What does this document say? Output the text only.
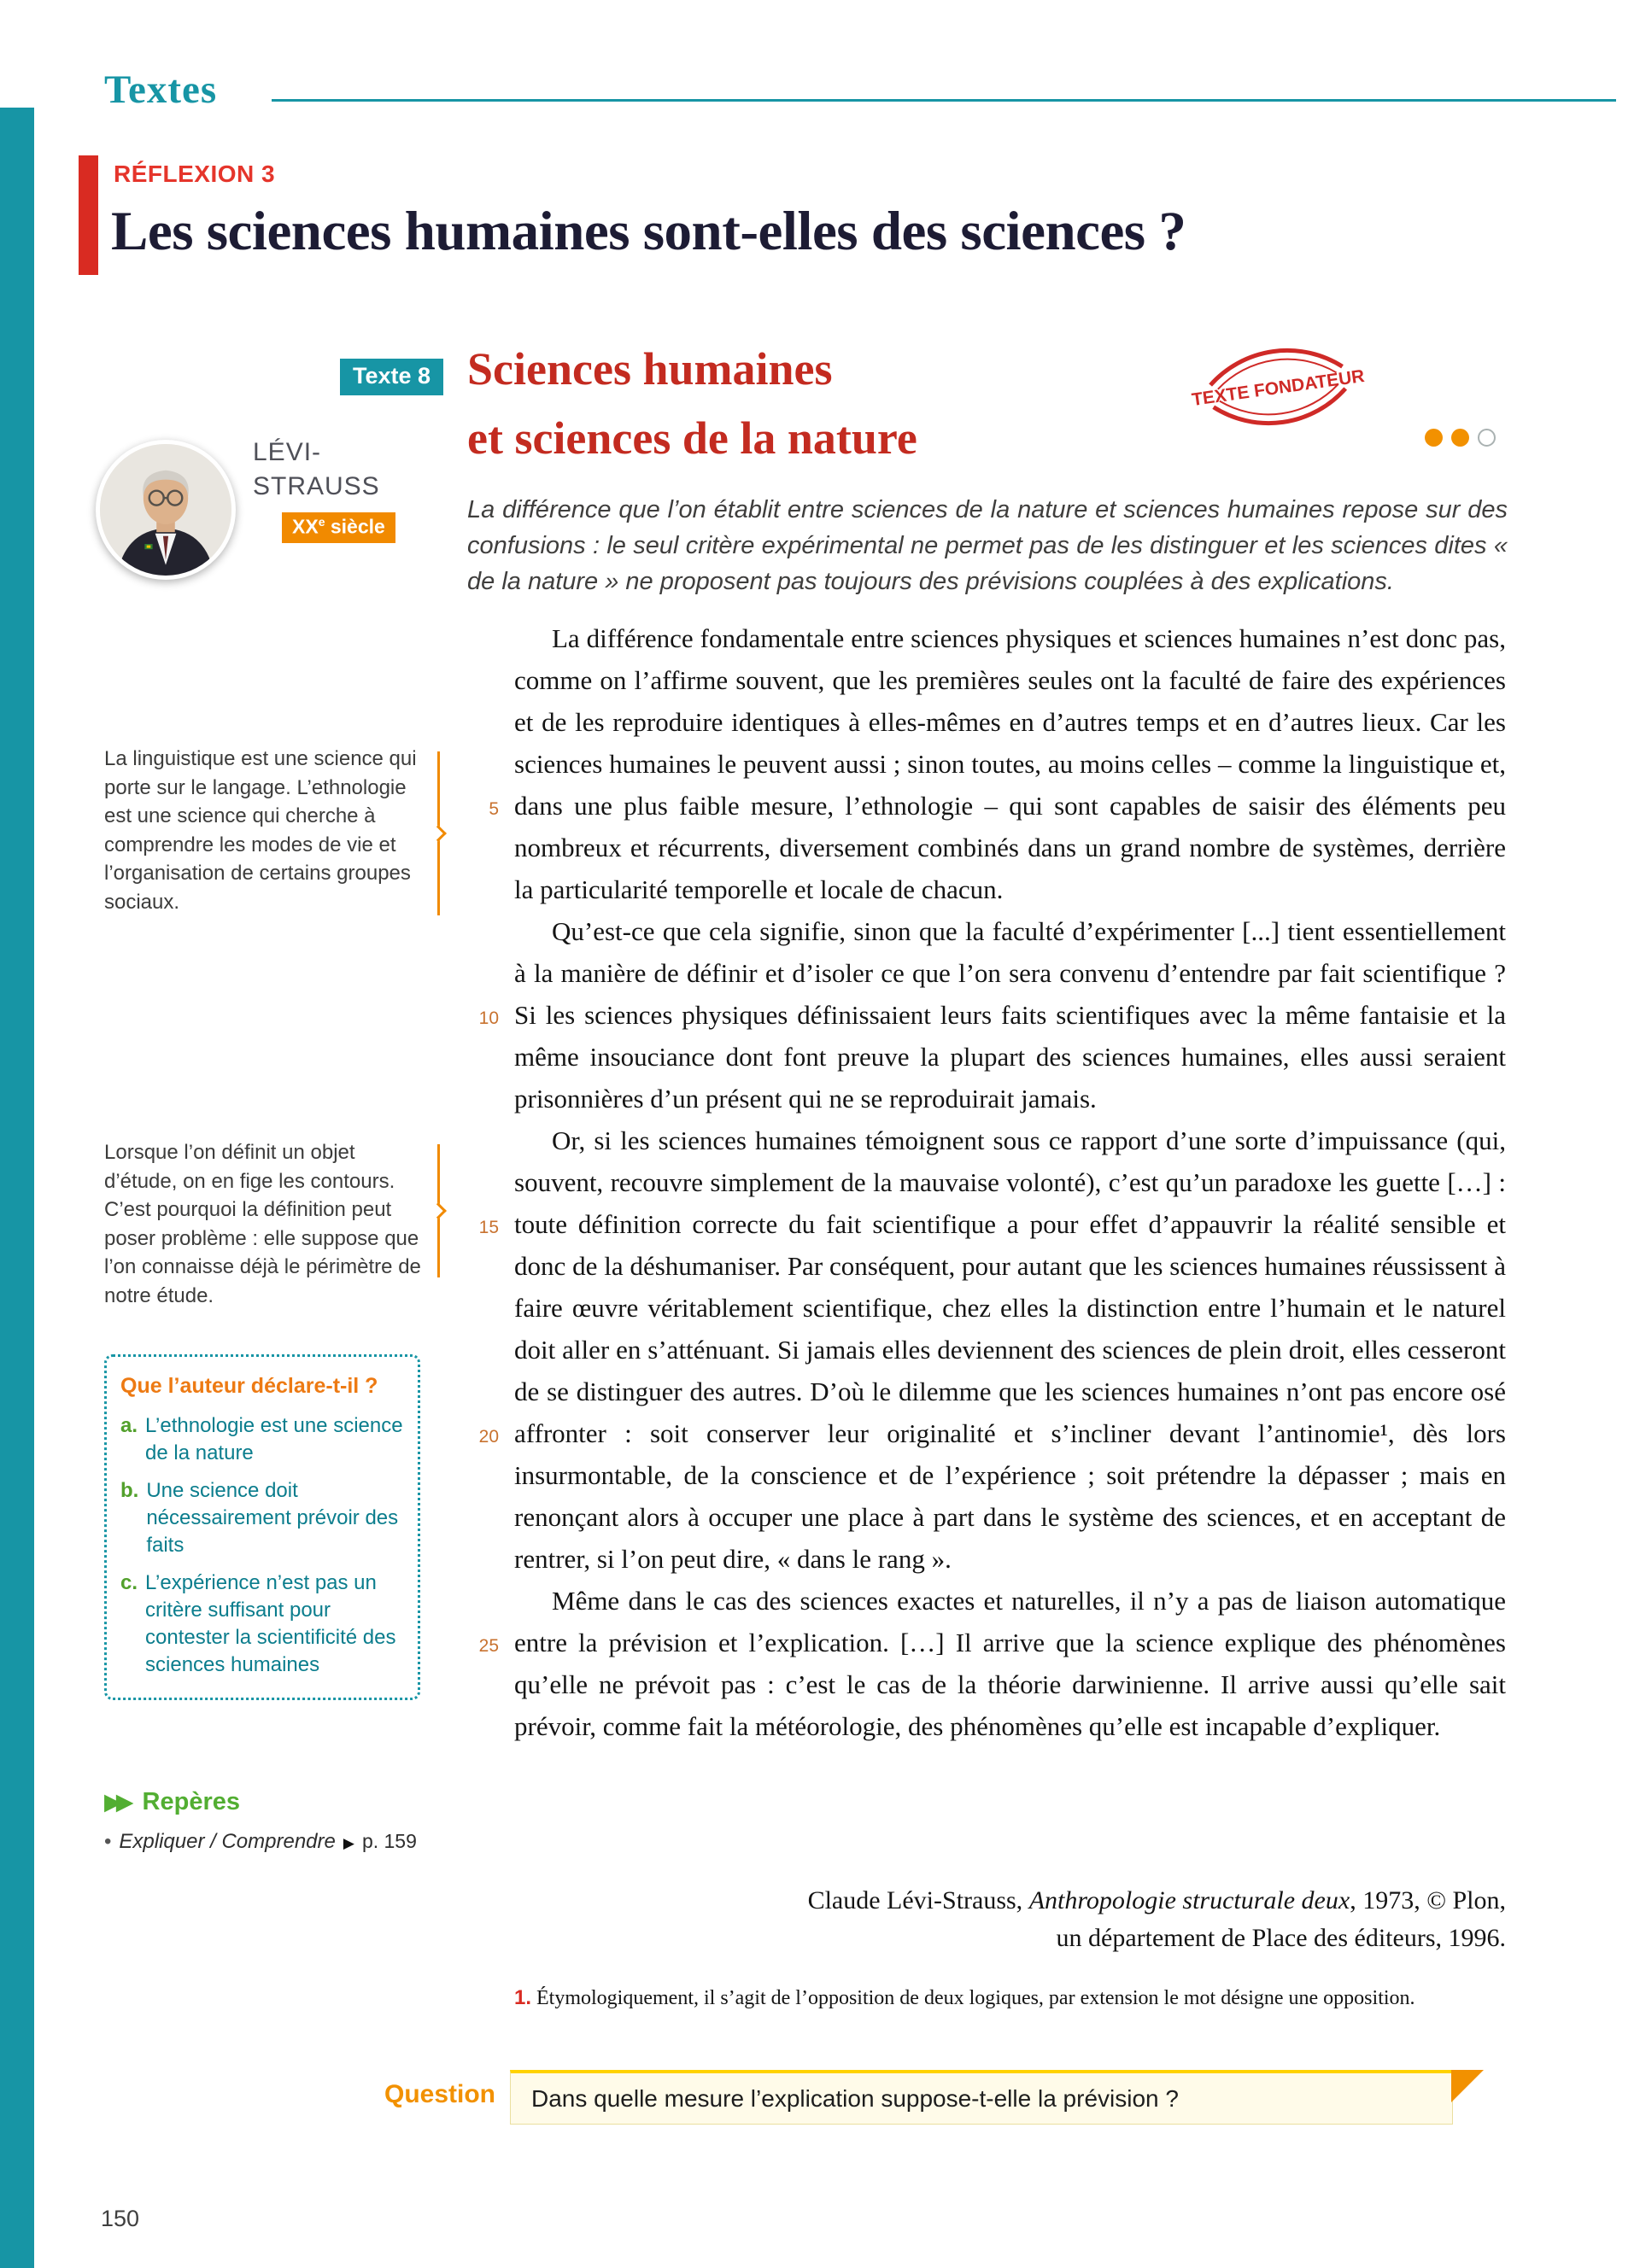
Textes
RÉFLEXION 3
Les sciences humaines sont-elles des sciences ?
Texte 8 Sciences humaines
et sciences de la nature
TEXTE FONDATEUR
LÉVI-
STRAUSS
XXe siècle
La différence que l’on établit entre sciences de la nature et sciences humaines repose sur des confusions : le seul critère expérimental ne permet pas de les distinguer et les sciences dites « de la nature » ne proposent pas toujours des prévisions couplées à des explications.

La différence fondamentale entre sciences physiques et sciences humaines n’est donc pas, comme on l’affirme souvent, que les premières seules ont la faculté de faire des expériences et de les reproduire identiques à elles-mêmes en d’autres temps et en d’autres lieux. Car les sciences humaines le peuvent aussi ; sinon toutes, au moins celles – comme la linguistique et, dans une plus faible mesure, l’ethnologie – qui sont capables de saisir des éléments peu nombreux et récurrents, diversement combinés dans un grand nombre de systèmes, derrière la particularité temporelle et locale de chacun.

Qu’est-ce que cela signifie, sinon que la faculté d’expérimenter [...] tient essentiellement à la manière de définir et d’isoler ce que l’on sera convenu d’entendre par fait scientifique ? Si les sciences physiques définissaient leurs faits scientifiques avec la même fantaisie et la même insouciance dont font preuve la plupart des sciences humaines, elles aussi seraient prisonnières d’un présent qui ne se reproduirait jamais.

Or, si les sciences humaines témoignent sous ce rapport d’une sorte d’impuissance (qui, souvent, recouvre simplement de la mauvaise volonté), c’est qu’un paradoxe les guette […] : toute définition correcte du fait scientifique a pour effet d’appauvrir la réalité sensible et donc de la déshumaniser. Par conséquent, pour autant que les sciences humaines réussissent à faire œuvre véritablement scientifique, chez elles la distinction entre l’humain et le naturel doit aller en s’atténuant. Si jamais elles deviennent des sciences de plein droit, elles cesseront de se distinguer des autres. D’où le dilemme que les sciences humaines n’ont pas encore osé affronter : soit conserver leur originalité et s’incliner devant l’antinomie¹, dès lors insurmontable, de la conscience et de l’expérience ; soit prétendre la dépasser ; mais en renonçant alors à occuper une place à part dans le système des sciences, et en acceptant de rentrer, si l’on peut dire, « dans le rang ».

Même dans le cas des sciences exactes et naturelles, il n’y a pas de liaison automatique entre la prévision et l’explication. […] Il arrive que la science explique des phénomènes qu’elle ne prévoit pas : c’est le cas de la théorie darwinienne. Il arrive aussi qu’elle sait prévoir, comme fait la météorologie, des phénomènes qu’elle est incapable d’expliquer.

5
10
15
20
25
La linguistique est une science qui porte sur le langage. L’ethnologie est une science qui cherche à comprendre les modes de vie et l’organisation de certains groupes sociaux.
Lorsque l’on définit un objet d’étude, on en fige les contours. C’est pourquoi la définition peut poser problème : elle suppose que l’on connaisse déjà le périmètre de notre étude.
Que l’auteur déclare-t-il ?
a. L’ethnologie est une science de la nature
b. Une science doit nécessairement prévoir des faits
c. L’expérience n’est pas un critère suffisant pour contester la scientificité des sciences humaines
▶▶ Repères
• Expliquer / Comprendre ▶ p. 159
Claude Lévi-Strauss, Anthropologie structurale deux, 1973, © Plon,
un département de Place des éditeurs, 1996.
1. Étymologiquement, il s’agit de l’opposition de deux logiques, par extension le mot désigne une opposition.
Question Dans quelle mesure l’explication suppose-t-elle la prévision ?
150
